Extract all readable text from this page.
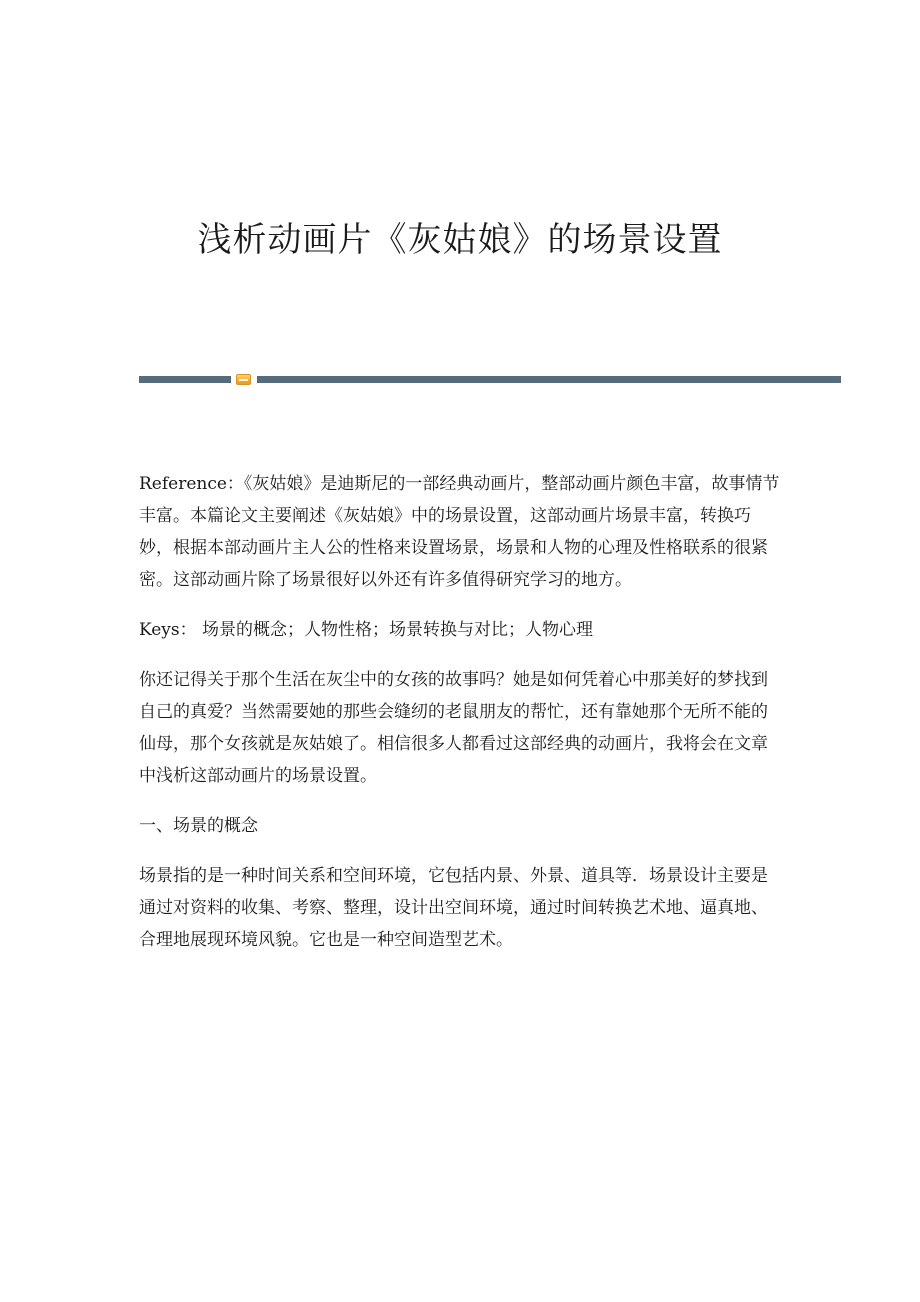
浅析动画片《灰姑娘》的场景设置

Reference：《灰姑娘》是迪斯尼的一部经典动画片，整部动画片颜色丰富，故事情节丰富。本篇论文主要阐述《灰姑娘》中的场景设置，这部动画片场景丰富，转换巧妙，根据本部动画片主人公的性格来设置场景，场景和人物的心理及性格联系的很紧密。这部动画片除了场景很好以外还有许多值得研究学习的地方。

Keys： 场景的概念；人物性格；场景转换与对比；人物心理

你还记得关于那个生活在灰尘中的女孩的故事吗？她是如何凭着心中那美好的梦找到自己的真爱？当然需要她的那些会缝纫的老鼠朋友的帮忙，还有靠她那个无所不能的仙母，那个女孩就是灰姑娘了。相信很多人都看过这部经典的动画片，我将会在文章中浅析这部动画片的场景设置。

一、场景的概念

场景指的是一种时间关系和空间环境，它包括内景、外景、道具等．场景设计主要是通过对资料的收集、考察、整理，设计出空间环境，通过时间转换艺术地、逼真地、合理地展现环境风貌。它也是一种空间造型艺术。
